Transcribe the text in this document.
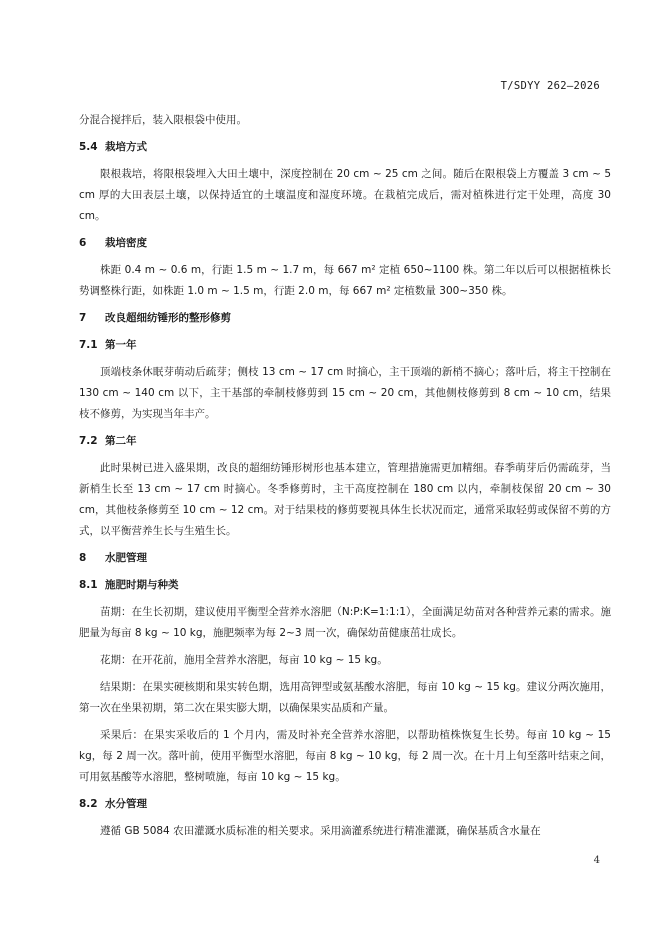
T/SDYY 262—2026

分混合搅拌后，装入限根袋中使用。

5.4 栽培方式

限根栽培，将限根袋埋入大田土壤中，深度控制在 20 cm ~ 25 cm 之间。随后在限根袋上方覆盖 3 cm ~ 5 cm 厚的大田表层土壤，以保持适宜的土壤温度和湿度环境。在栽植完成后，需对植株进行定干处理，高度 30 cm。

6 栽培密度

株距 0.4 m ~ 0.6 m，行距 1.5 m ~ 1.7 m，每 667 m² 定植 650~1100 株。第二年以后可以根据植株长势调整株行距，如株距 1.0 m ~ 1.5 m，行距 2.0 m，每 667 m² 定植数量 300~350 株。

7 改良超细纺锤形的整形修剪
7.1 第一年

顶端枝条休眠芽萌动后疏芽；侧枝 13 cm ~ 17 cm 时摘心，主干顶端的新梢不摘心；落叶后，将主干控制在 130 cm ~ 140 cm 以下，主干基部的牵制枝修剪到 15 cm ~ 20 cm，其他侧枝修剪到 8 cm ~ 10 cm，结果枝不修剪，为实现当年丰产。

7.2 第二年

此时果树已进入盛果期，改良的超细纺锤形树形也基本建立，管理措施需更加精细。春季萌芽后仍需疏芽，当新梢生长至 13 cm ~ 17 cm 时摘心。冬季修剪时，主干高度控制在 180 cm 以内，牵制枝保留 20 cm ~ 30 cm，其他枝条修剪至 10 cm ~ 12 cm。对于结果枝的修剪要视具体生长状况而定，通常采取轻剪或保留不剪的方式，以平衡营养生长与生殖生长。

8 水肥管理
8.1 施肥时期与种类

苗期：在生长初期，建议使用平衡型全营养水溶肥（N:P:K=1:1:1），全面满足幼苗对各种营养元素的需求。施肥量为每亩 8 kg ~ 10 kg，施肥频率为每 2~3 周一次，确保幼苗健康茁壮成长。

花期：在开花前，施用全营养水溶肥，每亩 10 kg ~ 15 kg。

结果期：在果实硬核期和果实转色期，选用高钾型或氨基酸水溶肥，每亩 10 kg ~ 15 kg。建议分两次施用，第一次在坐果初期，第二次在果实膨大期，以确保果实品质和产量。

采果后：在果实采收后的 1 个月内，需及时补充全营养水溶肥，以帮助植株恢复生长势。每亩 10 kg ~ 15 kg，每 2 周一次。落叶前，使用平衡型水溶肥，每亩 8 kg ~ 10 kg，每 2 周一次。在十月上旬至落叶结束之间，可用氨基酸等水溶肥，整树喷施，每亩 10 kg ~ 15 kg。

8.2 水分管理

遵循 GB 5084 农田灌溉水质标准的相关要求。采用滴灌系统进行精准灌溉，确保基质含水量在

4
